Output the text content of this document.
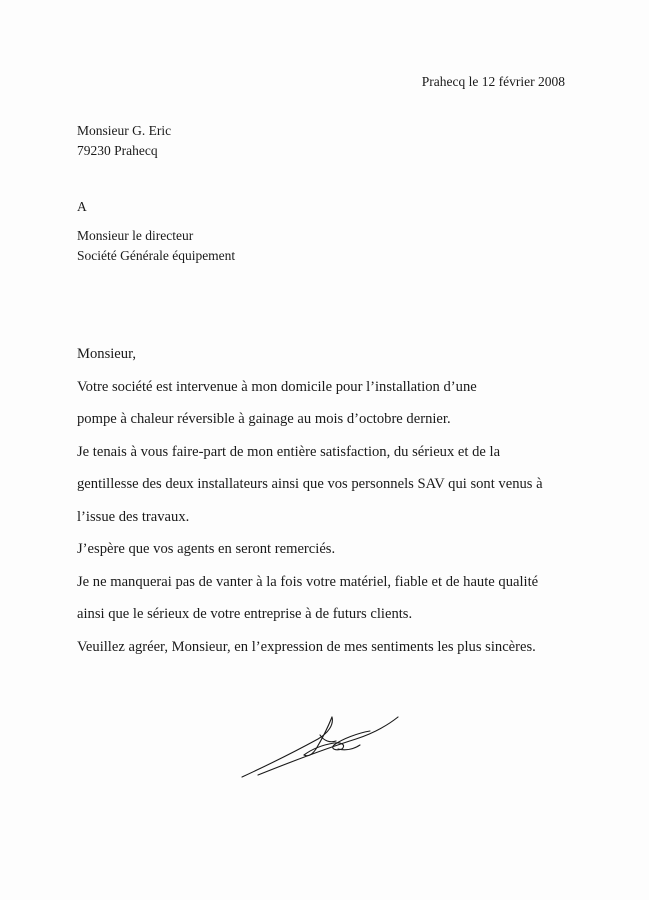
Prahecq le 12 février 2008
Monsieur G. Eric
79230 Prahecq
A
Monsieur le directeur
Société Générale équipement
Monsieur,
Votre société est intervenue à mon domicile pour l’installation d’une
pompe à chaleur réversible à gainage au mois d’octobre dernier.
Je tenais à vous faire-part de mon entière satisfaction, du sérieux et de la
gentillesse des deux installateurs ainsi que vos personnels SAV qui sont venus à
l’issue des travaux.
J’espère que vos agents en seront remerciés.
Je ne manquerai pas de vanter à la fois votre matériel, fiable et de haute qualité
ainsi que le sérieux de votre entreprise à de futurs clients.
Veuillez agréer, Monsieur, en l’expression de mes sentiments les plus sincères.
